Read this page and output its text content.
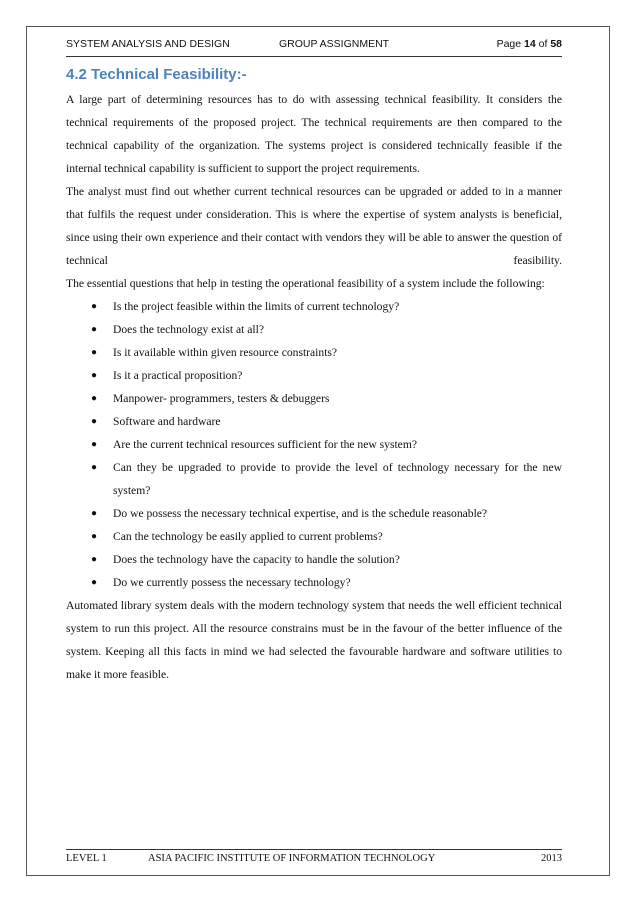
SYSTEM ANALYSIS AND DESIGN	GROUP ASSIGNMENT	Page 14 of 58
4.2 Technical Feasibility:-

A large part of determining resources has to do with assessing technical feasibility. It considers the technical requirements of the proposed project. The technical requirements are then compared to the technical capability of the organization. The systems project is considered technically feasible if the internal technical capability is sufficient to support the project requirements.

The analyst must find out whether current technical resources can be upgraded or added to in a manner that fulfils the request under consideration. This is where the expertise of system analysts is beneficial, since using their own experience and their contact with vendors they will be able to answer the question of technical feasibility.

The essential questions that help in testing the operational feasibility of a system include the following:

● Is the project feasible within the limits of current technology?
● Does the technology exist at all?
● Is it available within given resource constraints?
● Is it a practical proposition?
● Manpower- programmers, testers & debuggers
● Software and hardware
● Are the current technical resources sufficient for the new system?
● Can they be upgraded to provide to provide the level of technology necessary for the new system?
● Do we possess the necessary technical expertise, and is the schedule reasonable?
● Can the technology be easily applied to current problems?
● Does the technology have the capacity to handle the solution?
● Do we currently possess the necessary technology?

Automated library system deals with the modern technology system that needs the well efficient technical system to run this project. All the resource constrains must be in the favour of the better influence of the system. Keeping all this facts in mind we had selected the favourable hardware and software utilities to make it more feasible.

LEVEL 1	ASIA PACIFIC INSTITUTE OF INFORMATION TECHNOLOGY	2013
